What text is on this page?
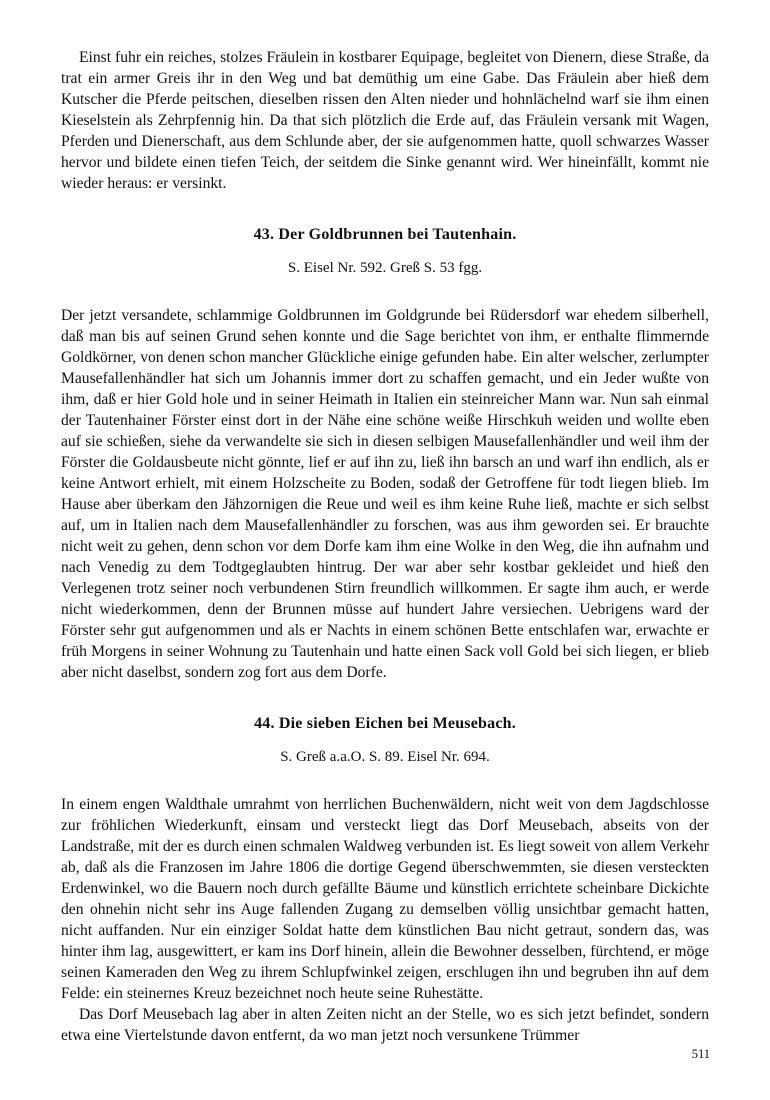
Einst fuhr ein reiches, stolzes Fräulein in kostbarer Equipage, begleitet von Dienern, diese Straße, da trat ein armer Greis ihr in den Weg und bat demüthig um eine Gabe. Das Fräulein aber hieß dem Kutscher die Pferde peitschen, dieselben rissen den Alten nieder und hohnlächelnd warf sie ihm einen Kieselstein als Zehrpfennig hin. Da that sich plötzlich die Erde auf, das Fräulein versank mit Wagen, Pferden und Dienerschaft, aus dem Schlunde aber, der sie aufgenommen hatte, quoll schwarzes Wasser hervor und bildete einen tiefen Teich, der seitdem die Sinke genannt wird. Wer hineinfällt, kommt nie wieder heraus: er versinkt.

43. Der Goldbrunnen bei Tautenhain.

S. Eisel Nr. 592. Greß S. 53 fgg.

Der jetzt versandete, schlammige Goldbrunnen im Goldgrunde bei Rüdersdorf war ehedem silberhell, daß man bis auf seinen Grund sehen konnte und die Sage berichtet von ihm, er enthalte flimmernde Goldkörner, von denen schon mancher Glückliche einige gefunden habe. Ein alter welscher, zerlumpter Mausefallenhändler hat sich um Johannis immer dort zu schaffen gemacht, und ein Jeder wußte von ihm, daß er hier Gold hole und in seiner Heimath in Italien ein steinreicher Mann war. Nun sah einmal der Tautenhainer Förster einst dort in der Nähe eine schöne weiße Hirschkuh weiden und wollte eben auf sie schießen, siehe da verwandelte sie sich in diesen selbigen Mausefallenhändler und weil ihm der Förster die Goldausbeute nicht gönnte, lief er auf ihn zu, ließ ihn barsch an und warf ihn endlich, als er keine Antwort erhielt, mit einem Holzscheite zu Boden, sodaß der Getroffene für todt liegen blieb. Im Hause aber überkam den Jähzornigen die Reue und weil es ihm keine Ruhe ließ, machte er sich selbst auf, um in Italien nach dem Mausefallenhändler zu forschen, was aus ihm geworden sei. Er brauchte nicht weit zu gehen, denn schon vor dem Dorfe kam ihm eine Wolke in den Weg, die ihn aufnahm und nach Venedig zu dem Todtgeglaubten hintrug. Der war aber sehr kostbar gekleidet und hieß den Verlegenen trotz seiner noch verbundenen Stirn freundlich willkommen. Er sagte ihm auch, er werde nicht wiederkommen, denn der Brunnen müsse auf hundert Jahre versiechen. Uebrigens ward der Förster sehr gut aufgenommen und als er Nachts in einem schönen Bette entschlafen war, erwachte er früh Morgens in seiner Wohnung zu Tautenhain und hatte einen Sack voll Gold bei sich liegen, er blieb aber nicht daselbst, sondern zog fort aus dem Dorfe.

44. Die sieben Eichen bei Meusebach.

S. Greß a.a.O. S. 89. Eisel Nr. 694.

In einem engen Waldthale umrahmt von herrlichen Buchenwäldern, nicht weit von dem Jagdschlosse zur fröhlichen Wiederkunft, einsam und versteckt liegt das Dorf Meusebach, abseits von der Landstraße, mit der es durch einen schmalen Waldweg verbunden ist. Es liegt soweit von allem Verkehr ab, daß als die Franzosen im Jahre 1806 die dortige Gegend überschwemmten, sie diesen versteckten Erdenwinkel, wo die Bauern noch durch gefällte Bäume und künstlich errichtete scheinbare Dickichte den ohnehin nicht sehr ins Auge fallenden Zugang zu demselben völlig unsichtbar gemacht hatten, nicht auffanden. Nur ein einziger Soldat hatte dem künstlichen Bau nicht getraut, sondern das, was hinter ihm lag, ausgewittert, er kam ins Dorf hinein, allein die Bewohner desselben, fürchtend, er möge seinen Kameraden den Weg zu ihrem Schlupfwinkel zeigen, erschlugen ihn und begruben ihn auf dem Felde: ein steinernes Kreuz bezeichnet noch heute seine Ruhestätte.

Das Dorf Meusebach lag aber in alten Zeiten nicht an der Stelle, wo es sich jetzt befindet, sondern etwa eine Viertelstunde davon entfernt, da wo man jetzt noch versunkene Trümmer

511
